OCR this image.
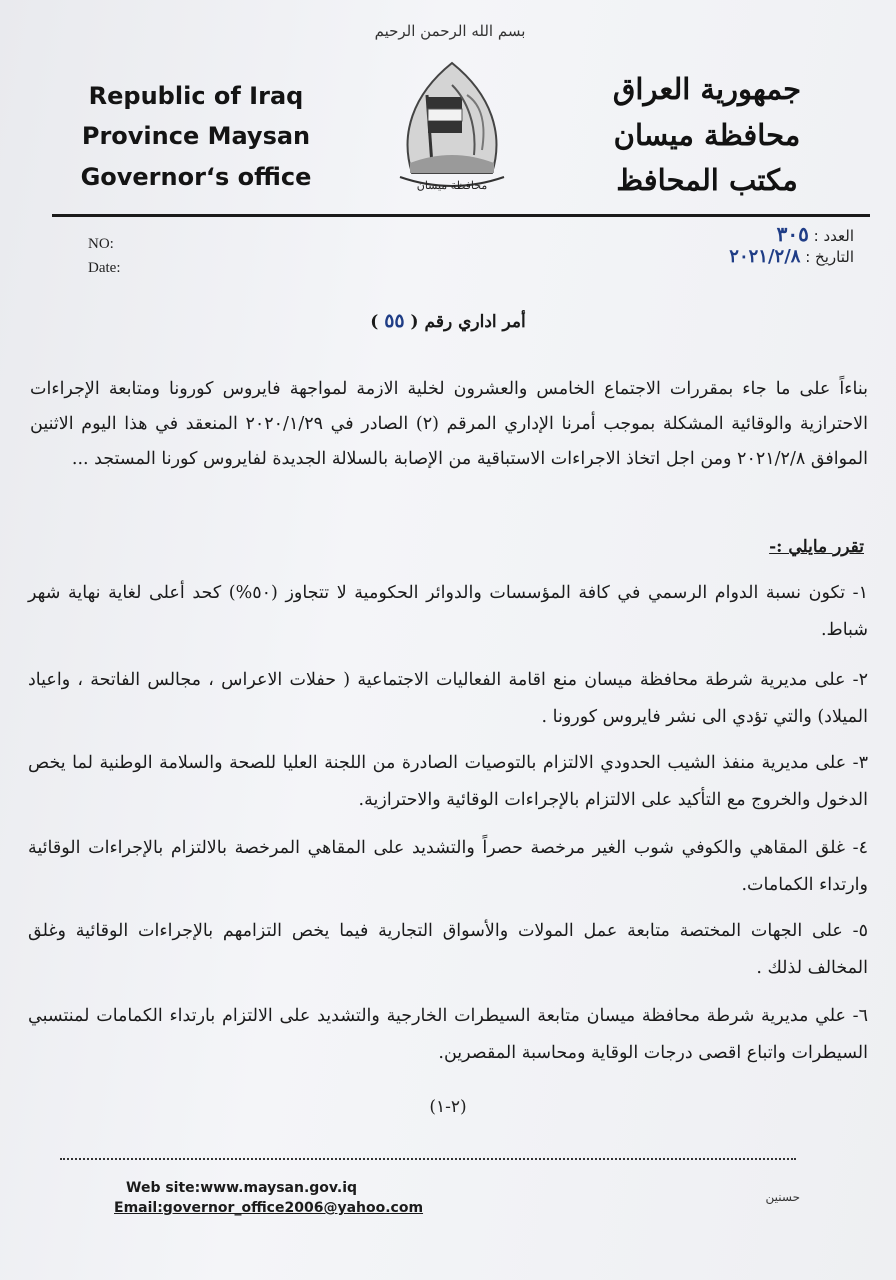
بسم الله الرحمن الرحيم
Republic of Iraq
Province Maysan
Governor‘s office
جمهورية العراق
محافظة ميسان
مكتب المحافظ
محافظة ميسان
NO:
Date:
العدد : ٣٠٥
التاريخ : ٢٠٢١/٢/٨
أمر اداري رقم ( ٥٥ )
بناءاً على ما جاء بمقررات الاجتماع الخامس والعشرون لخلية الازمة لمواجهة فايروس كورونا ومتابعة الإجراءات الاحترازية والوقائية المشكلة بموجب أمرنا الإداري المرقم (٢) الصادر في ٢٠٢٠/١/٢٩ المنعقد في هذا اليوم الاثنين الموافق ٢٠٢١/٢/٨ ومن اجل اتخاذ الاجراءات الاستباقية من الإصابة بالسلالة الجديدة لفايروس كورنا المستجد ...
تقرر مايلي :-
١- تكون نسبة الدوام الرسمي في كافة المؤسسات والدوائر الحكومية لا تتجاوز (٥٠%) كحد أعلى لغاية نهاية شهر شباط.
٢- على مديرية شرطة محافظة ميسان منع اقامة الفعاليات الاجتماعية ( حفلات الاعراس ، مجالس الفاتحة ، واعياد الميلاد) والتي تؤدي الى نشر فايروس كورونا .
٣- على مديرية منفذ الشيب الحدودي الالتزام بالتوصيات الصادرة من اللجنة العليا للصحة والسلامة الوطنية لما يخص الدخول والخروج مع التأكيد على الالتزام بالإجراءات الوقائية والاحترازية.
٤- غلق المقاهي والكوفي شوب الغير مرخصة حصراً والتشديد على المقاهي المرخصة بالالتزام بالإجراءات الوقائية وارتداء الكمامات.
٥- على الجهات المختصة متابعة عمل المولات والأسواق التجارية فيما يخص التزامهم بالإجراءات الوقائية وغلق المخالف لذلك .
٦- علي مديرية شرطة محافظة ميسان متابعة السيطرات الخارجية والتشديد على الالتزام بارتداء الكمامات لمنتسبي السيطرات واتباع اقصى درجات الوقاية ومحاسبة المقصرين.
(٢-١)
Web site:www.maysan.gov.iq
Email:governor_office2006@yahoo.com
حسنين
